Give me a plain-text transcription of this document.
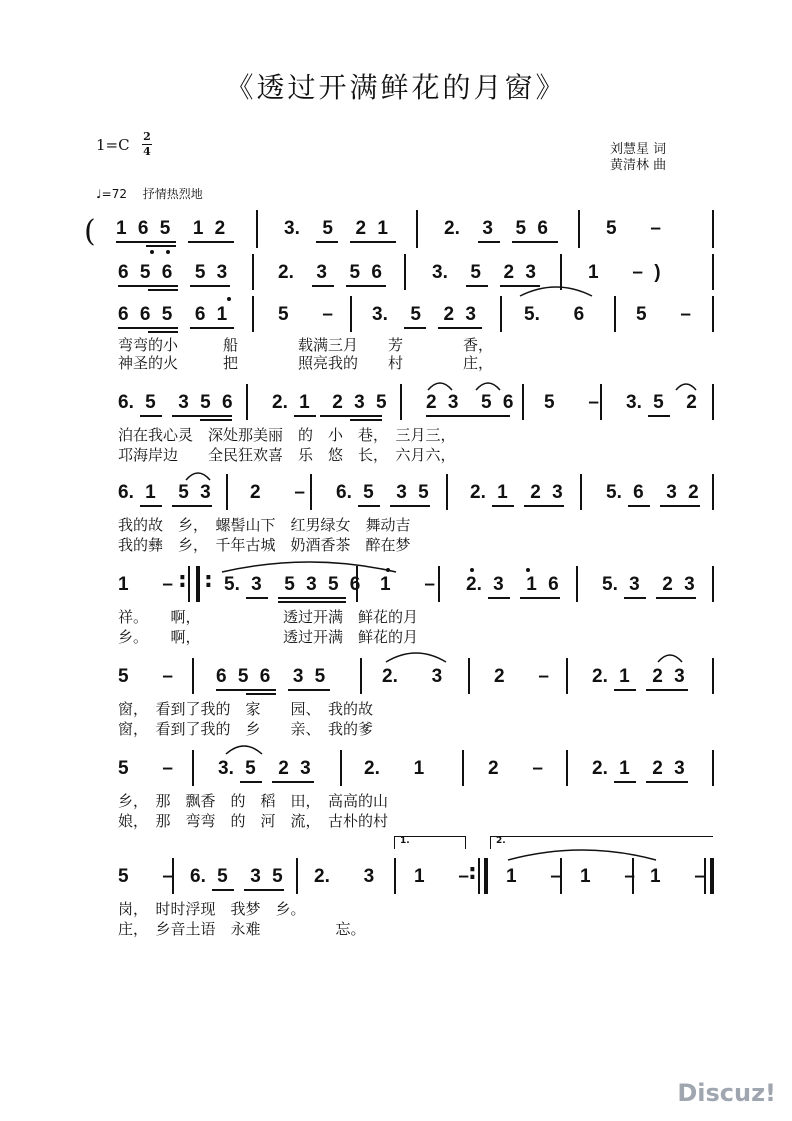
《透过开满鲜花的月窗》
1=C 2
4	刘慧星 词
黄清林 曲
♩=72　 抒情热烈地
( 1 6 5  1 2	3.  5  2 1	2.  3  5 6	5   –
6 5 6  5 3	2.  3  5 6	3.  5  2 3	1   – )
6 6 5  6 1	5   – 3.  5  2 3	5.   6	5   –
弯弯的小　　　船　　　　载满三月　　芳　　　　香，
神圣的火　　　把　　　　照亮我的　　村　　　　庄，
6. 5  3 5 6 2. 1  2 3 5 2 3  5 6 5   – 3. 5  2
泊在我心灵　深处那美丽　的　小　巷，　三月三，
邛海岸边　　全民狂欢喜　乐　悠　长，　六月六，
6. 1  5 3 2   – 6. 5  3 5 2. 1  2 3 5. 6  3 2
我的故　乡，　螺髻山下　红男绿女　舞动吉
我的彝　乡，　千年古城　奶酒香茶　醉在梦
1   – : : 5. 3  5 3 5 6 1   – 2. 3  1 6 5. 3  2 3
祥。　　啊，　　　　　　透过开满　鲜花的月
乡。　　啊，　　　　　　透过开满　鲜花的月
5   – 6 5 6  3 5	2.   3	2   – 2. 1  2 3
窗，　看到了我的　家　　园、　我的故
窗，　看到了我的　乡　　亲、　我的爹
5   – 3. 5  2 3	2.   1	2   –	2. 1  2 3
乡，　那　飘香　的　稻　田，　高高的山
娘，　那　弯弯　的　河　流，　古朴的村
1.	2.
5   – 6. 5  3 5 2.   3 1   – 1   – 1   – 1   –
:
岗，　时时浮现　我梦　乡。
庄，　乡音土语　永难　　　　　忘。
Discuz!
